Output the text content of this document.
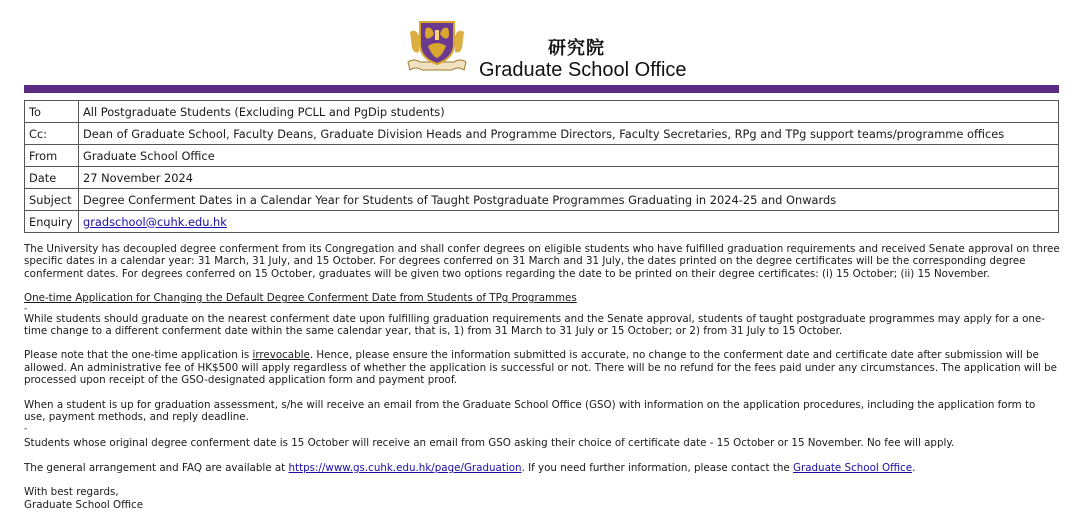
研究院
Graduate School Office
To	All Postgraduate Students (Excluding PCLL and PgDip students)
Cc:	Dean of Graduate School, Faculty Deans, Graduate Division Heads and Programme Directors, Faculty Secretaries, RPg and TPg support teams/programme offices
From	Graduate School Office
Date	27 November 2024
Subject	Degree Conferment Dates in a Calendar Year for Students of Taught Postgraduate Programmes Graduating in 2024-25 and Onwards
Enquiry	gradschool@cuhk.edu.hk

The University has decoupled degree conferment from its Congregation and shall confer degrees on eligible students who have fulfilled graduation requirements and received Senate approval on three specific dates in a calendar year: 31 March, 31 July, and 15 October. For degrees conferred on 31 March and 31 July, the dates printed on the degree certificates will be the corresponding degree conferment dates. For degrees conferred on 15 October, graduates will be given two options regarding the date to be printed on their degree certificates: (i) 15 October; (ii) 15 November.

One-time Application for Changing the Default Degree Conferment Date from Students of TPg Programmes

-

While students should graduate on the nearest conferment date upon fulfilling graduation requirements and the Senate approval, students of taught postgraduate programmes may apply for a one-time change to a different conferment date within the same calendar year, that is, 1) from 31 March to 31 July or 15 October; or 2) from 31 July to 15 October.

Please note that the one-time application is irrevocable. Hence, please ensure the information submitted is accurate, no change to the conferment date and certificate date after submission will be allowed. An administrative fee of HK$500 will apply regardless of whether the application is successful or not. There will be no refund for the fees paid under any circumstances. The application will be processed upon receipt of the GSO-designated application form and payment proof.

When a student is up for graduation assessment, s/he will receive an email from the Graduate School Office (GSO) with information on the application procedures, including the application form to use, payment methods, and reply deadline.

-

Students whose original degree conferment date is 15 October will receive an email from GSO asking their choice of certificate date - 15 October or 15 November. No fee will apply.

The general arrangement and FAQ are available at https://www.gs.cuhk.edu.hk/page/Graduation. If you need further information, please contact the Graduate School Office.

With best regards,
Graduate School Office
